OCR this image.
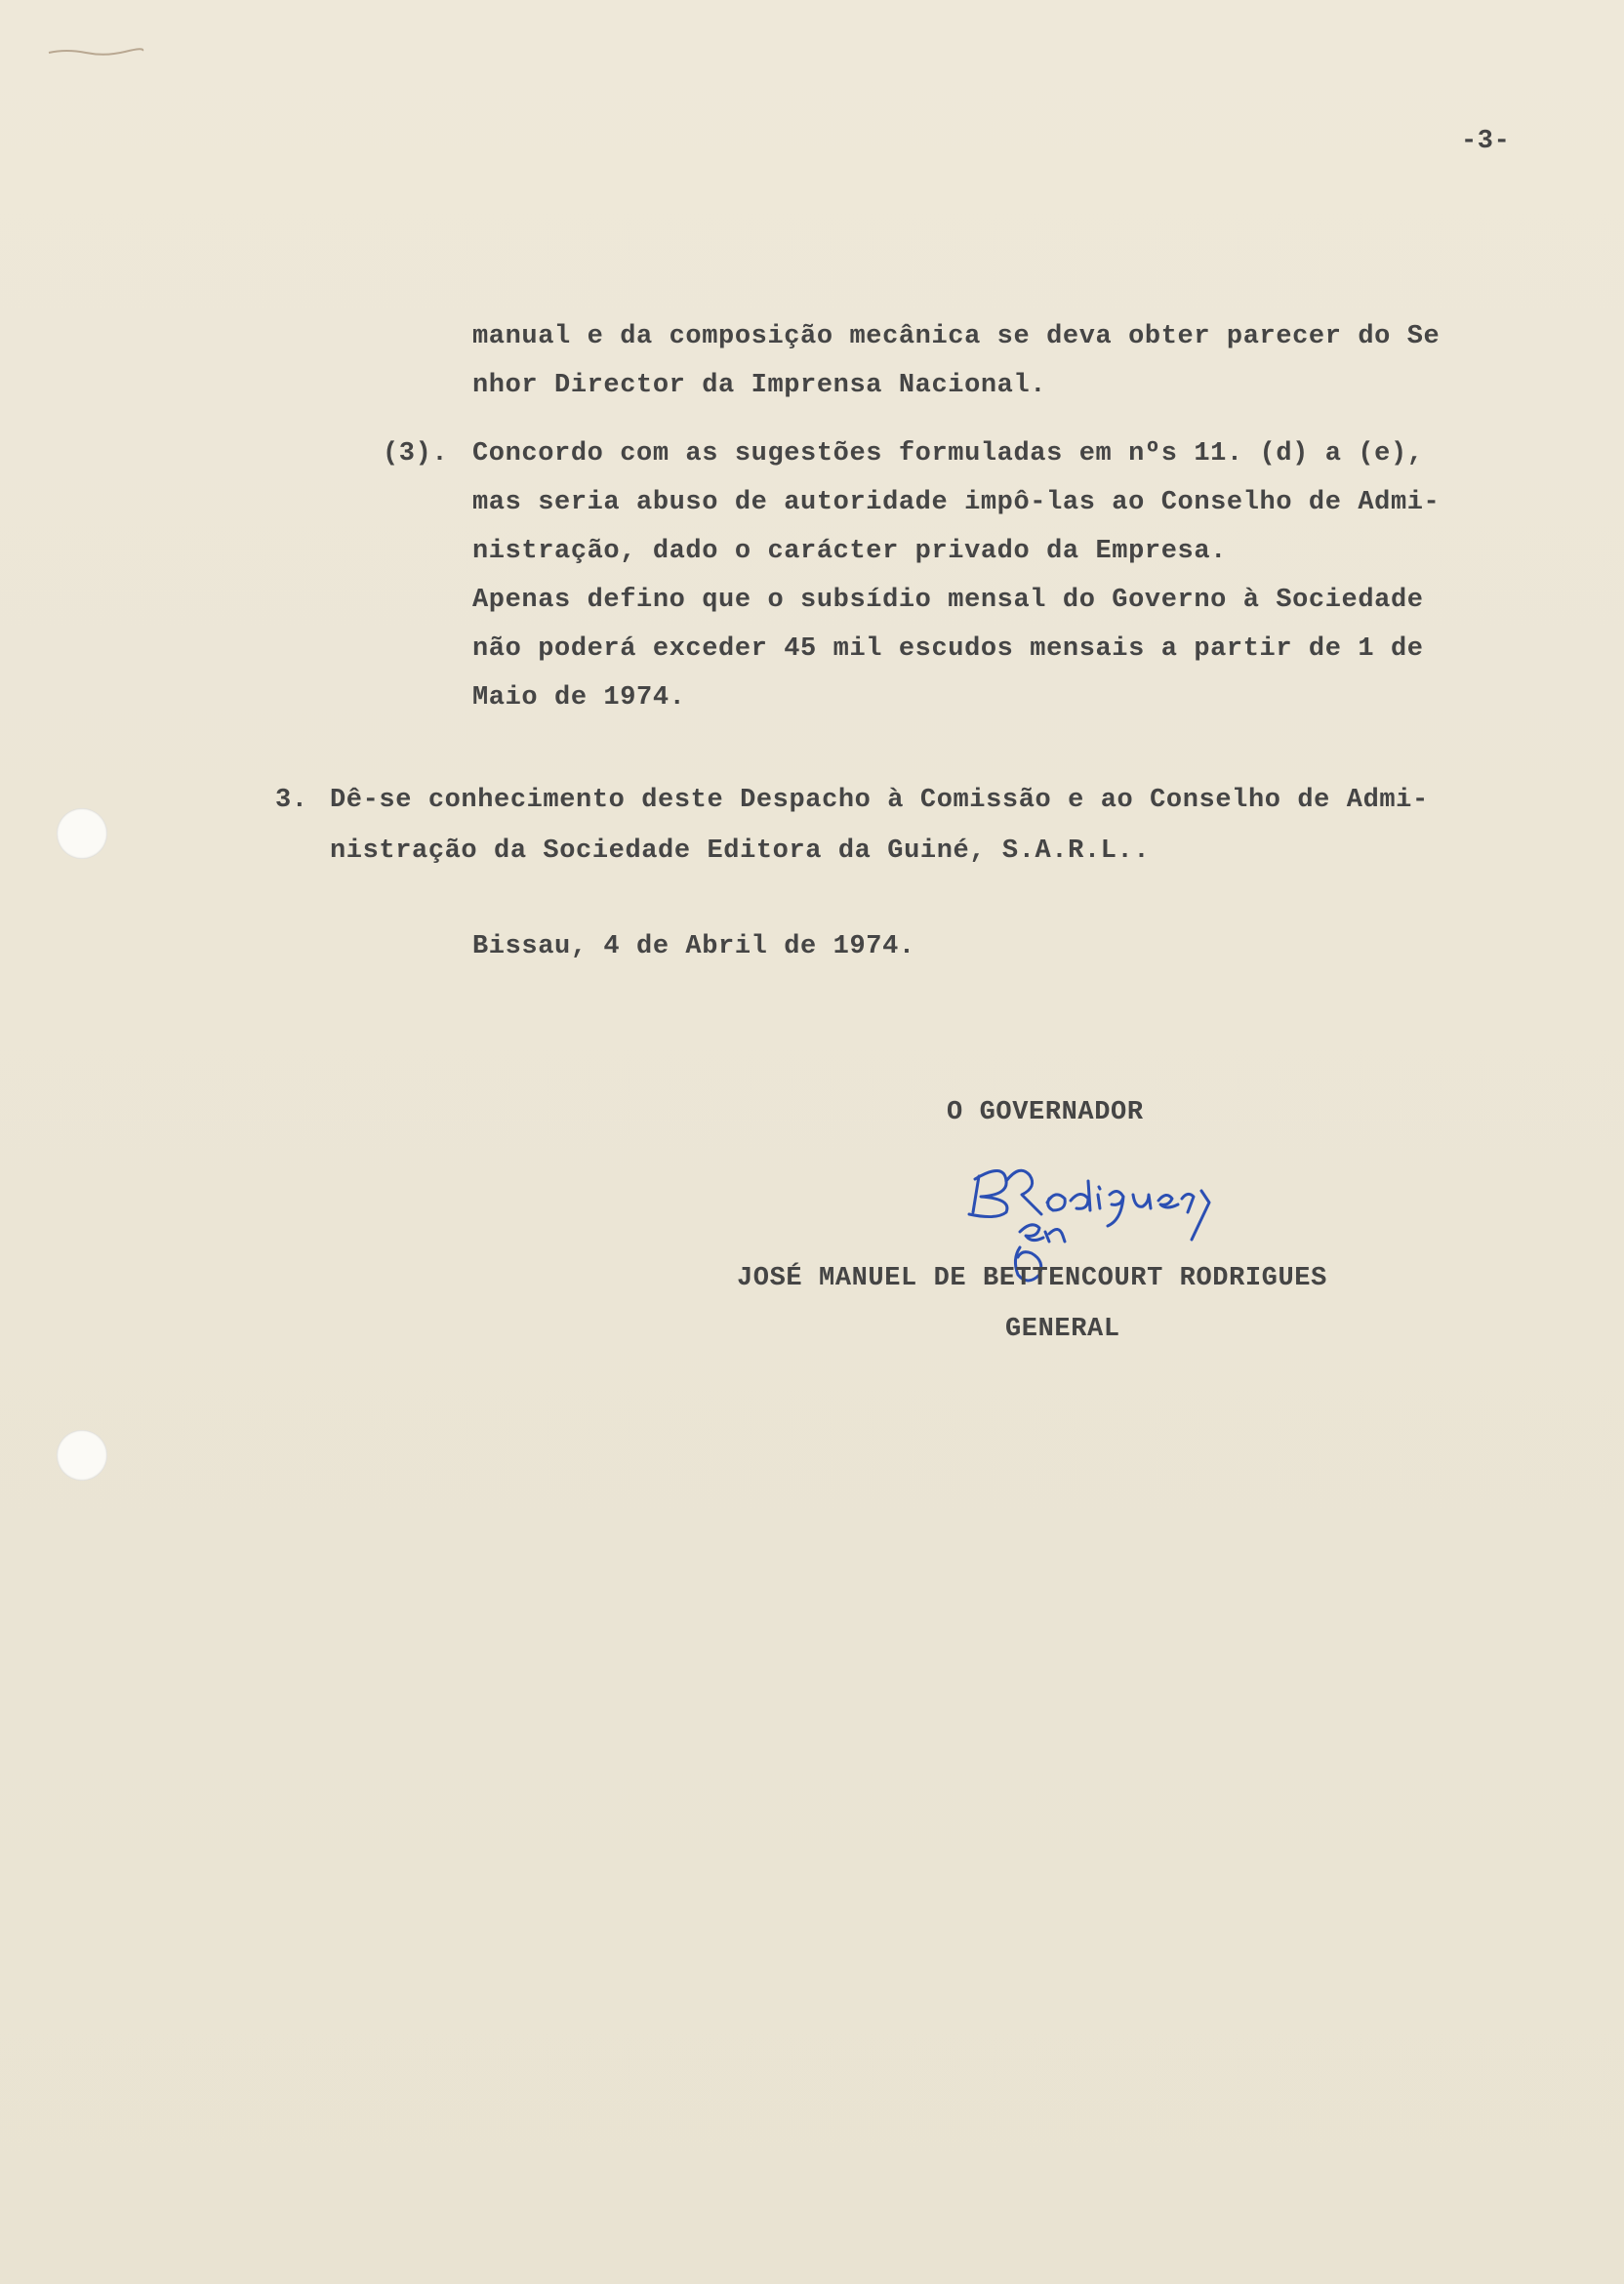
-3-
manual e da composição mecânica se deva obter parecer do Se
nhor Director da Imprensa Nacional.
(3). Concordo com as sugestões formuladas em nºs 11. (d) a (e),
mas seria abuso de autoridade impô-las ao Conselho de Admi-
nistração, dado o carácter privado da Empresa.
Apenas defino que o subsídio mensal do Governo à Sociedade
não poderá exceder 45 mil escudos mensais a partir de 1 de
Maio de 1974.
3. Dê-se conhecimento deste Despacho à Comissão e ao Conselho de Admi-
nistração da Sociedade Editora da Guiné, S.A.R.L..
Bissau, 4 de Abril de 1974.
O GOVERNADOR
JOSÉ MANUEL DE BETTENCOURT RODRIGUES
GENERAL
